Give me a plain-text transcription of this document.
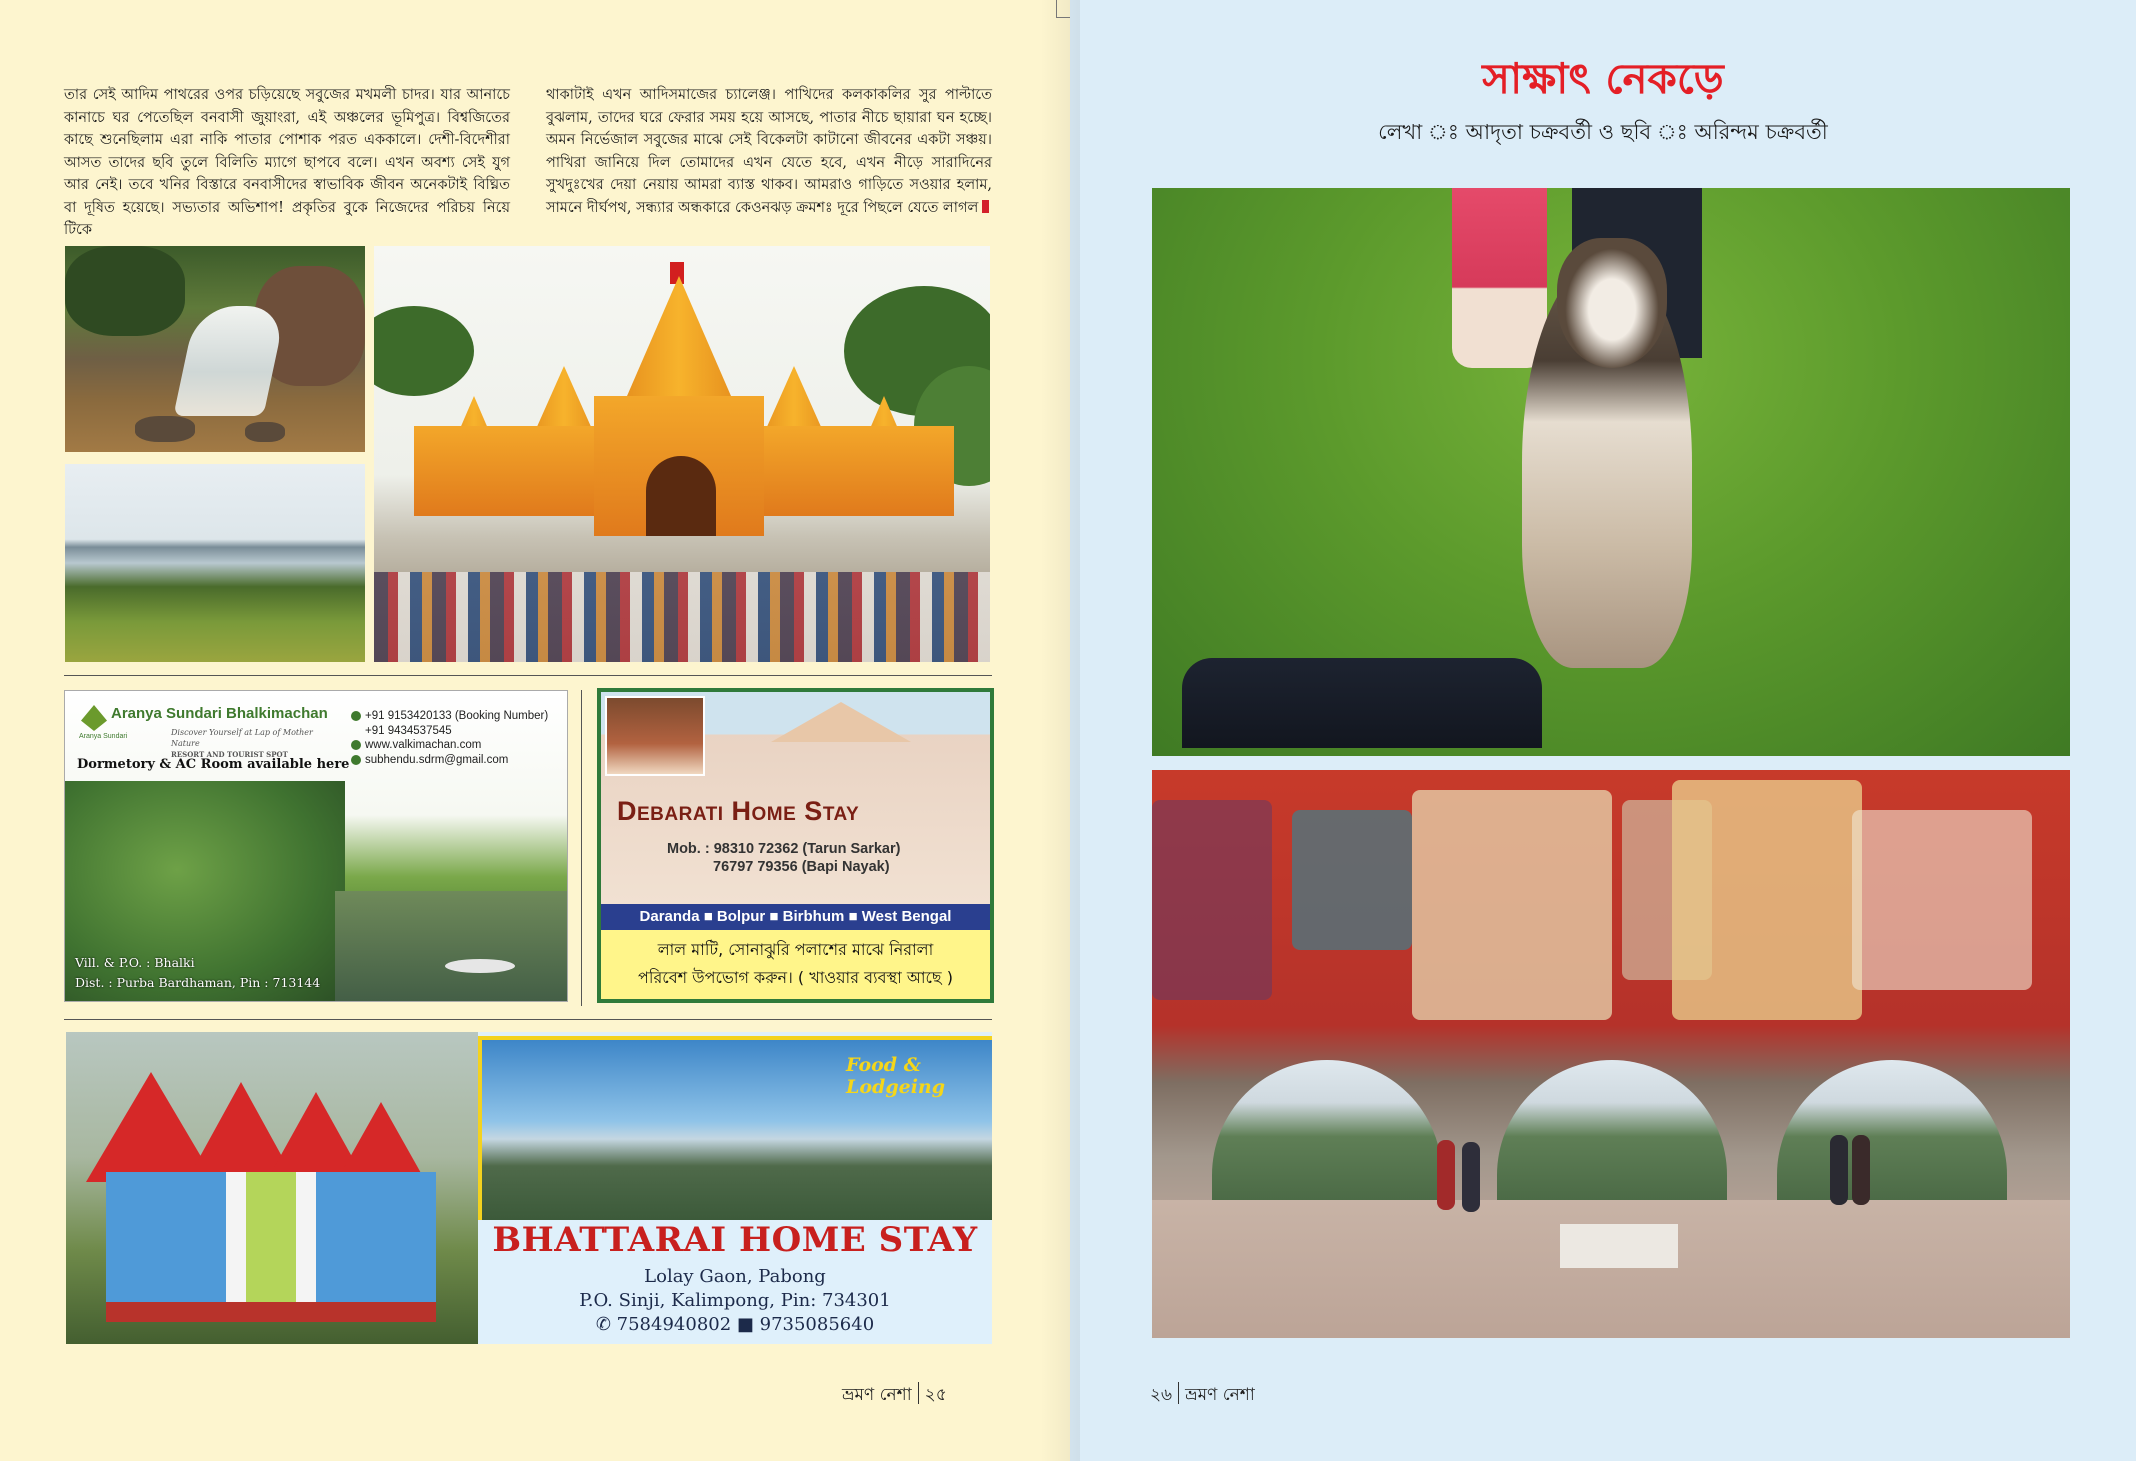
তার সেই আদিম পাথরের ওপর চড়িয়েছে সবুজের মখমলী চাদর। যার আনাচে কানাচে ঘর পেতেছিল বনবাসী জুয়াংরা, এই অঞ্চলের ভূমিপুত্র। বিশ্বজিতের কাছে শুনেছিলাম এরা নাকি পাতার পোশাক পরত এককালে। দেশী-বিদেশীরা আসত তাদের ছবি তুলে বিলিতি ম্যাগে ছাপবে বলে। এখন অবশ্য সেই যুগ আর নেই। তবে খনির বিস্তারে বনবাসীদের স্বাভাবিক জীবন অনেকটাই বিঘ্নিত বা দূষিত হয়েছে। সভ্যতার অভিশাপ! প্রকৃতির বুকে নিজেদের পরিচয় নিয়ে টিকে
থাকাটাই এখন আদিসমাজের চ্যালেঞ্জ। পাখিদের কলকাকলির সুর পাল্টাতে বুঝলাম, তাদের ঘরে ফেরার সময় হয়ে আসছে, পাতার নীচে ছায়ারা ঘন হচ্ছে। অমন নির্ভেজাল সবুজের মাঝে সেই বিকেলটা কাটানো জীবনের একটা সঞ্চয়। পাখিরা জানিয়ে দিল তোমাদের এখন যেতে হবে, এখন নীড়ে সারাদিনের সুখদুঃখের দেয়া নেয়ায় আমরা ব্যাস্ত থাকব। আমরাও গাড়িতে সওয়ার হলাম, সামনে দীর্ঘপথ, সন্ধ্যার অন্ধকারে কেওনঝড় ক্রমশঃ দূরে পিছলে যেতে লাগল
Aranya Sundari
Aranya Sundari Bhalkimachan
Discover Yourself at Lap of Mother Nature
RESORT AND TOURIST SPOT
+91 9153420133 (Booking Number)
+91 9434537545
www.valkimachan.com
subhendu.sdrm@gmail.com
Dormetory & AC Room available here
Vill. & P.O. : Bhalki
Dist. : Purba Bardhaman, Pin : 713144
Debarati Home Stay
Mob. : 98310 72362 (Tarun Sarkar)
76797 79356 (Bapi Nayak)
Daranda ■ Bolpur ■ Birbhum ■ West Bengal
লাল মাটি, সোনাঝুরি পলাশের মাঝে নিরালা
পরিবেশ উপভোগ করুন। ( খাওয়ার ব্যবস্থা আছে )
Food & Lodgeing
BHATTARAI HOME STAY
Lolay Gaon, Pabong
P.O. Sinji, Kalimpong, Pin: 734301
✆ 7584940802 ■ 9735085640
ভ্রমণ নেশা ২৫
সাক্ষাৎ নেকড়ে
লেখা ঃ আদৃতা চক্রবর্তী ও ছবি ঃ অরিন্দম চক্রবর্তী
২৬ ভ্রমণ নেশা
